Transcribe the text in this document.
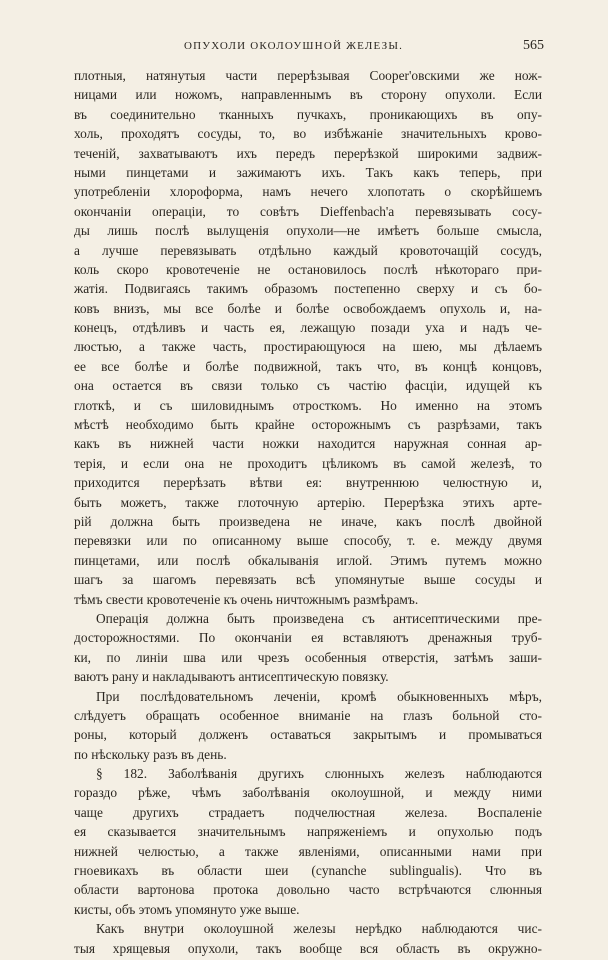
ОПУХОЛИ ОКОЛОУШНОЙ ЖЕЛЕЗЫ.	565
плотныя, натянутыя части перерѣзывая Cooper'овскими же нож-
ницами или ножомъ, направленнымъ въ сторону опухоли. Если
въ соединительно тканныхъ пучкахъ, проникающихъ въ опу-
холь, проходятъ сосуды, то, во избѣжаніе значительныхъ крово-
теченій, захватываютъ ихъ передъ перерѣзкой широкими задвиж-
ными пинцетами и зажимаютъ ихъ. Такъ какъ теперь, при
употребленіи хлороформа, намъ нечего хлопотать о скорѣйшемъ
окончаніи операціи, то совѣтъ Dieffenbach'а перевязывать сосу-
ды лишь послѣ вылущенія опухоли—не имѣетъ больше смысла,
а лучше перевязывать отдѣльно каждый кровоточащій сосудъ,
коль скоро кровотеченіе не остановилось послѣ нѣкотораго при-
жатія. Подвигаясь такимъ образомъ постепенно сверху и съ бо-
ковъ внизъ, мы все болѣе и болѣе освобождаемъ опухоль и, на-
конецъ, отдѣливъ и часть ея, лежащую позади уха и надъ че-
люстью, а также часть, простирающуюся на шею, мы дѣлаемъ
ее все болѣе и болѣе подвижной, такъ что, въ концѣ концовъ,
она остается въ связи только съ частію фасціи, идущей къ
глоткѣ, и съ шиловиднымъ отросткомъ. Но именно на этомъ
мѣстѣ необходимо быть крайне осторожнымъ съ разрѣзами, такъ
какъ въ нижней части ножки находится наружная сонная ар-
терія, и если она не проходитъ цѣликомъ въ самой железѣ, то
приходится перерѣзать вѣтви ея: внутреннюю челюстную и,
быть можетъ, также глоточную артерію. Перерѣзка этихъ арте-
рій должна быть произведена не иначе, какъ послѣ двойной
перевязки или по описанному выше способу, т. е. между двумя
пинцетами, или послѣ обкалыванія иглой. Этимъ путемъ можно
шагъ за шагомъ перевязать всѣ упомянутые выше сосуды и
тѣмъ свести кровотеченіе къ очень ничтожнымъ размѣрамъ.
Операція должна быть произведена съ антисептическими пре-
досторожностями. По окончаніи ея вставляютъ дренажныя труб-
ки, по линіи шва или чрезъ особенныя отверстія, затѣмъ заши-
ваютъ рану и накладываютъ антисептическую повязку.
При послѣдовательномъ леченіи, кромѣ обыкновенныхъ мѣръ,
слѣдуетъ обращать особенное вниманіе на глазъ больной сто-
роны, который долженъ оставаться закрытымъ и промываться
по нѣскольку разъ въ день.
§ 182. Заболѣванія другихъ слюнныхъ железъ наблюдаются
гораздо рѣже, чѣмъ заболѣванія околоушной, и между ними
чаще другихъ страдаетъ подчелюстная железа. Воспаленіе
ея сказывается значительнымъ напряженіемъ и опухолью подъ
нижней челюстью, а также явленіями, описанными нами при
гноевикахъ въ области шеи (cynanche sublingualis). Что въ
области вартонова протока довольно часто встрѣчаются слюнныя
кисты, объ этомъ упомянуто уже выше.
Какъ внутри околоушной железы нерѣдко наблюдаются чис-
тыя хрящевыя опухоли, такъ вообще вся область въ окружно-
